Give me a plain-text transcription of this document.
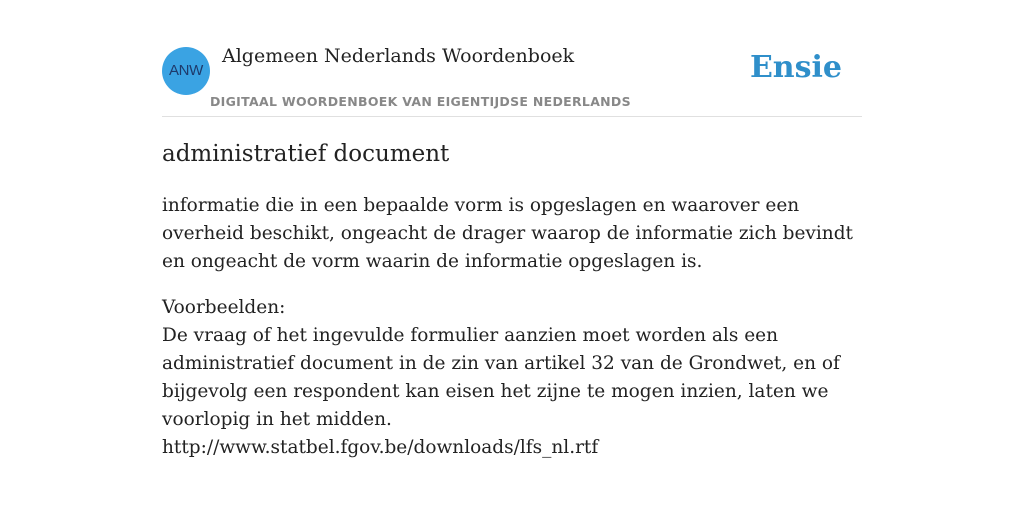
ANW
Algemeen Nederlands Woordenboek
DIGITAAL WOORDENBOEK VAN EIGENTIJDSE NEDERLANDS
Ensie
administratief document

informatie die in een bepaalde vorm is opgeslagen en waarover een overheid beschikt, ongeacht de drager waarop de informatie zich bevindt en ongeacht de vorm waarin de informatie opgeslagen is.

Voorbeelden:
De vraag of het ingevulde formulier aanzien moet worden als een administratief document in de zin van artikel 32 van de Grondwet, en of bijgevolg een respondent kan eisen het zijne te mogen inzien, laten we voorlopig in het midden.
http://www.statbel.fgov.be/downloads/lfs_nl.rtf
